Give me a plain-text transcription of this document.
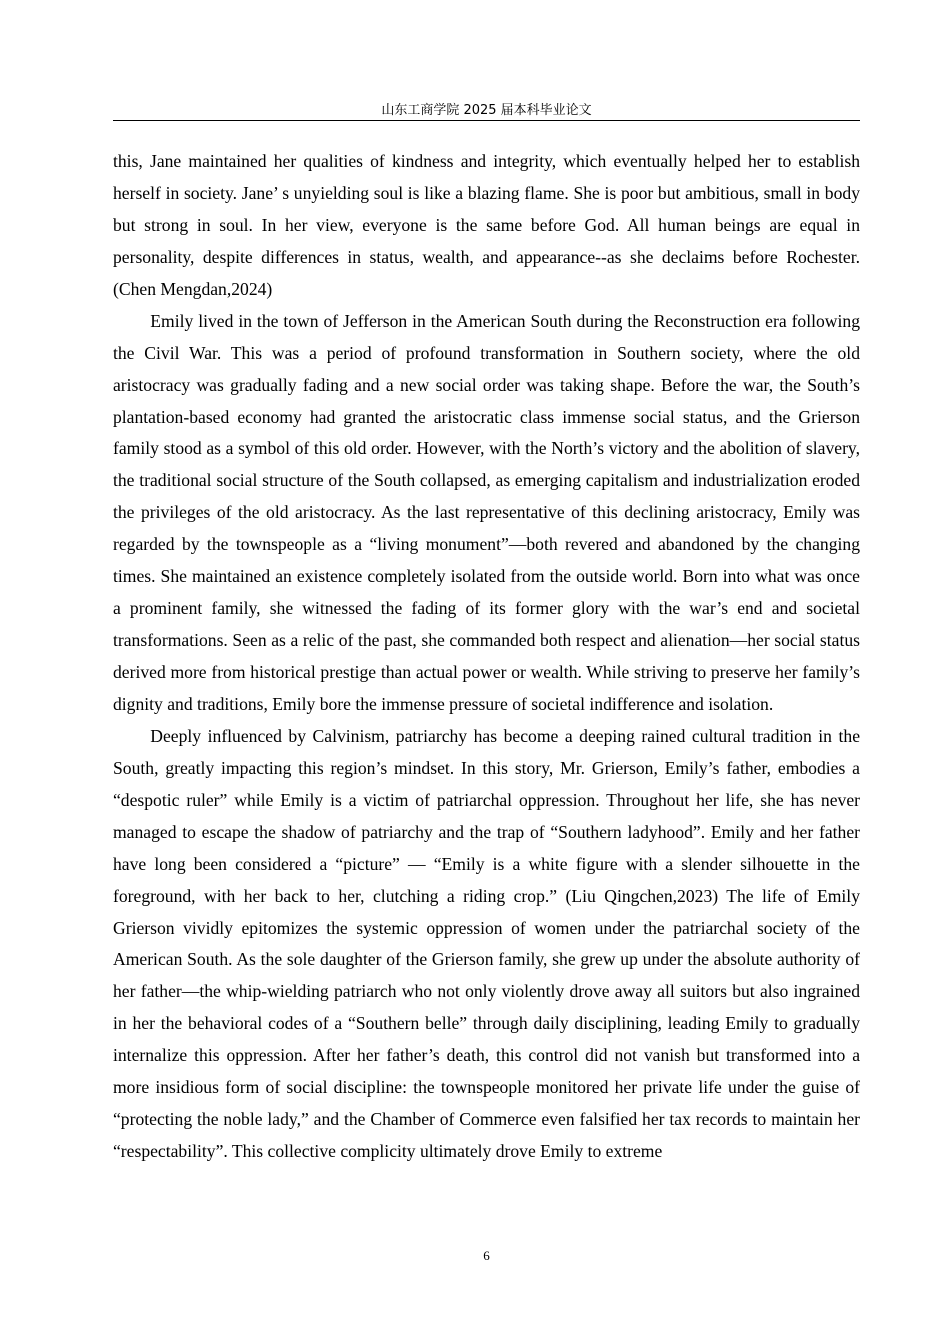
山东工商学院 2025 届本科毕业论文

this, Jane maintained her qualities of kindness and integrity, which eventually helped her to establish herself in society. Jane’ s unyielding soul is like a blazing flame. She is poor but ambitious, small in body but strong in soul. In her view, everyone is the same before God. All human beings are equal in personality, despite differences in status, wealth, and appearance--as she declaims before Rochester. (Chen Mengdan,2024)

Emily lived in the town of Jefferson in the American South during the Reconstruction era following the Civil War. This was a period of profound transformation in Southern society, where the old aristocracy was gradually fading and a new social order was taking shape. Before the war, the South’s plantation-based economy had granted the aristocratic class immense social status, and the Grierson family stood as a symbol of this old order. However, with the North’s victory and the abolition of slavery, the traditional social structure of the South collapsed, as emerging capitalism and industrialization eroded the privileges of the old aristocracy. As the last representative of this declining aristocracy, Emily was regarded by the townspeople as a “living monument”—both revered and abandoned by the changing times. She maintained an existence completely isolated from the outside world. Born into what was once a prominent family, she witnessed the fading of its former glory with the war’s end and societal transformations. Seen as a relic of the past, she commanded both respect and alienation—her social status derived more from historical prestige than actual power or wealth. While striving to preserve her family’s dignity and traditions, Emily bore the immense pressure of societal indifference and isolation.

Deeply influenced by Calvinism, patriarchy has become a deeping rained cultural tradition in the South, greatly impacting this region’s mindset. In this story, Mr. Grierson, Emily’s father, embodies a “despotic ruler” while Emily is a victim of patriarchal oppression. Throughout her life, she has never managed to escape the shadow of patriarchy and the trap of “Southern ladyhood”. Emily and her father have long been considered a “picture” — “Emily is a white figure with a slender silhouette in the foreground, with her back to her, clutching a riding crop.” (Liu Qingchen,2023) The life of Emily Grierson vividly epitomizes the systemic oppression of women under the patriarchal society of the American South. As the sole daughter of the Grierson family, she grew up under the absolute authority of her father—the whip-wielding patriarch who not only violently drove away all suitors but also ingrained in her the behavioral codes of a “Southern belle” through daily disciplining, leading Emily to gradually internalize this oppression. After her father’s death, this control did not vanish but transformed into a more insidious form of social discipline: the townspeople monitored her private life under the guise of “protecting the noble lady,” and the Chamber of Commerce even falsified her tax records to maintain her “respectability”. This collective complicity ultimately drove Emily to extreme

6
